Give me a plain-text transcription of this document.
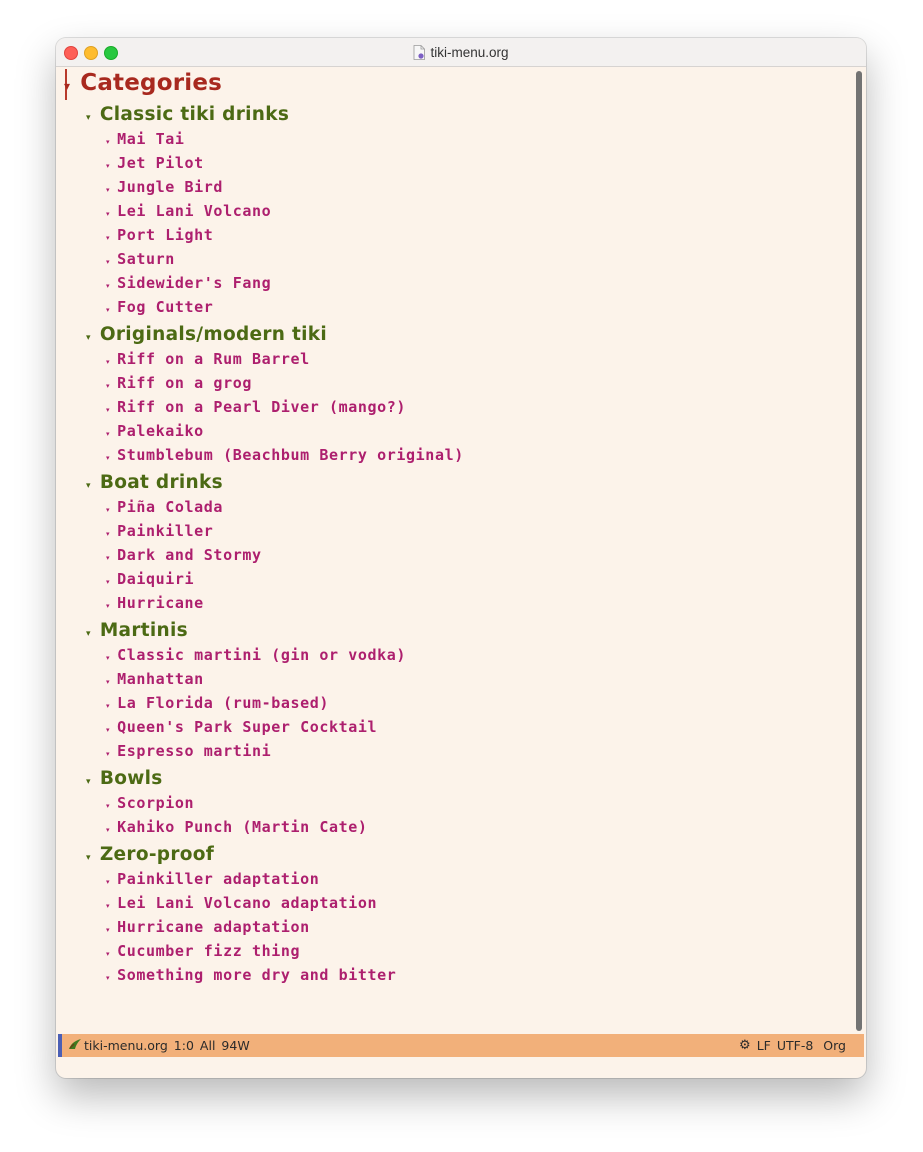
tiki-menu.org
▾ Categories
▾ Classic tiki drinks
▾ Mai Tai
▾ Jet Pilot
▾ Jungle Bird
▾ Lei Lani Volcano
▾ Port Light
▾ Saturn
▾ Sidewider's Fang
▾ Fog Cutter
▾ Originals/modern tiki
▾ Riff on a Rum Barrel
▾ Riff on a grog
▾ Riff on a Pearl Diver (mango?)
▾ Palekaiko
▾ Stumblebum (Beachbum Berry original)
▾ Boat drinks
▾ Piña Colada
▾ Painkiller
▾ Dark and Stormy
▾ Daiquiri
▾ Hurricane
▾ Martinis
▾ Classic martini (gin or vodka)
▾ Manhattan
▾ La Florida (rum-based)
▾ Queen's Park Super Cocktail
▾ Espresso martini
▾ Bowls
▾ Scorpion
▾ Kahiko Punch (Martin Cate)
▾ Zero-proof
▾ Painkiller adaptation
▾ Lei Lani Volcano adaptation
▾ Hurricane adaptation
▾ Cucumber fizz thing
▾ Something more dry and bitter
tiki-menu.org 1:0 All 94W	⚙ LF UTF-8 Org
